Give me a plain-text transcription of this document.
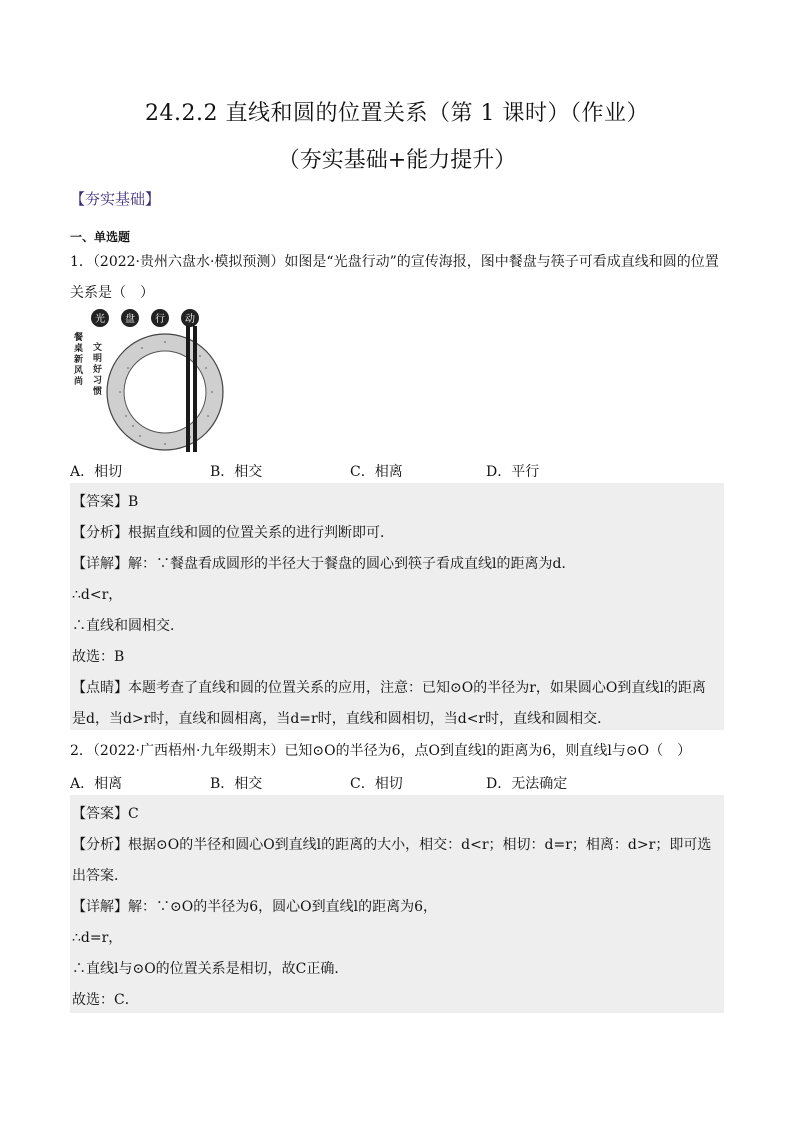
24.2.2 直线和圆的位置关系（第 1 课时）（作业）
（夯实基础+能力提升）
【夯实基础】
一、单选题
1．（2022·贵州六盘水·模拟预测）如图是“光盘行动”的宣传海报，图中餐盘与筷子可看成直线和圆的位置
关系是（　）
光 盘 行 动
餐桌新风尚 文明好习惯
A．相切	B．相交	C．相离	D．平行
【答案】B
【分析】根据直线和圆的位置关系的进行判断即可．
【详解】解：∵餐盘看成圆形的半径大于餐盘的圆心到筷子看成直线l的距离为d.
∴d<r，
∴直线和圆相交．
故选：B
【点睛】本题考查了直线和圆的位置关系的应用，注意：已知⊙O的半径为r，如果圆心O到直线l的距离
是d，当d>r时，直线和圆相离，当d=r时，直线和圆相切，当d<r时，直线和圆相交．
2．（2022·广西梧州·九年级期末）已知⊙O的半径为6，点O到直线l的距离为6，则直线l与⊙O（　）
A．相离	B．相交	C．相切	D．无法确定
【答案】C
【分析】根据⊙O的半径和圆心O到直线l的距离的大小，相交：d<r；相切：d=r；相离：d>r；即可选
出答案．
【详解】解：∵⊙O的半径为6，圆心O到直线l的距离为6，
∴d=r，
∴直线l与⊙O的位置关系是相切，故C正确．
故选：C．
